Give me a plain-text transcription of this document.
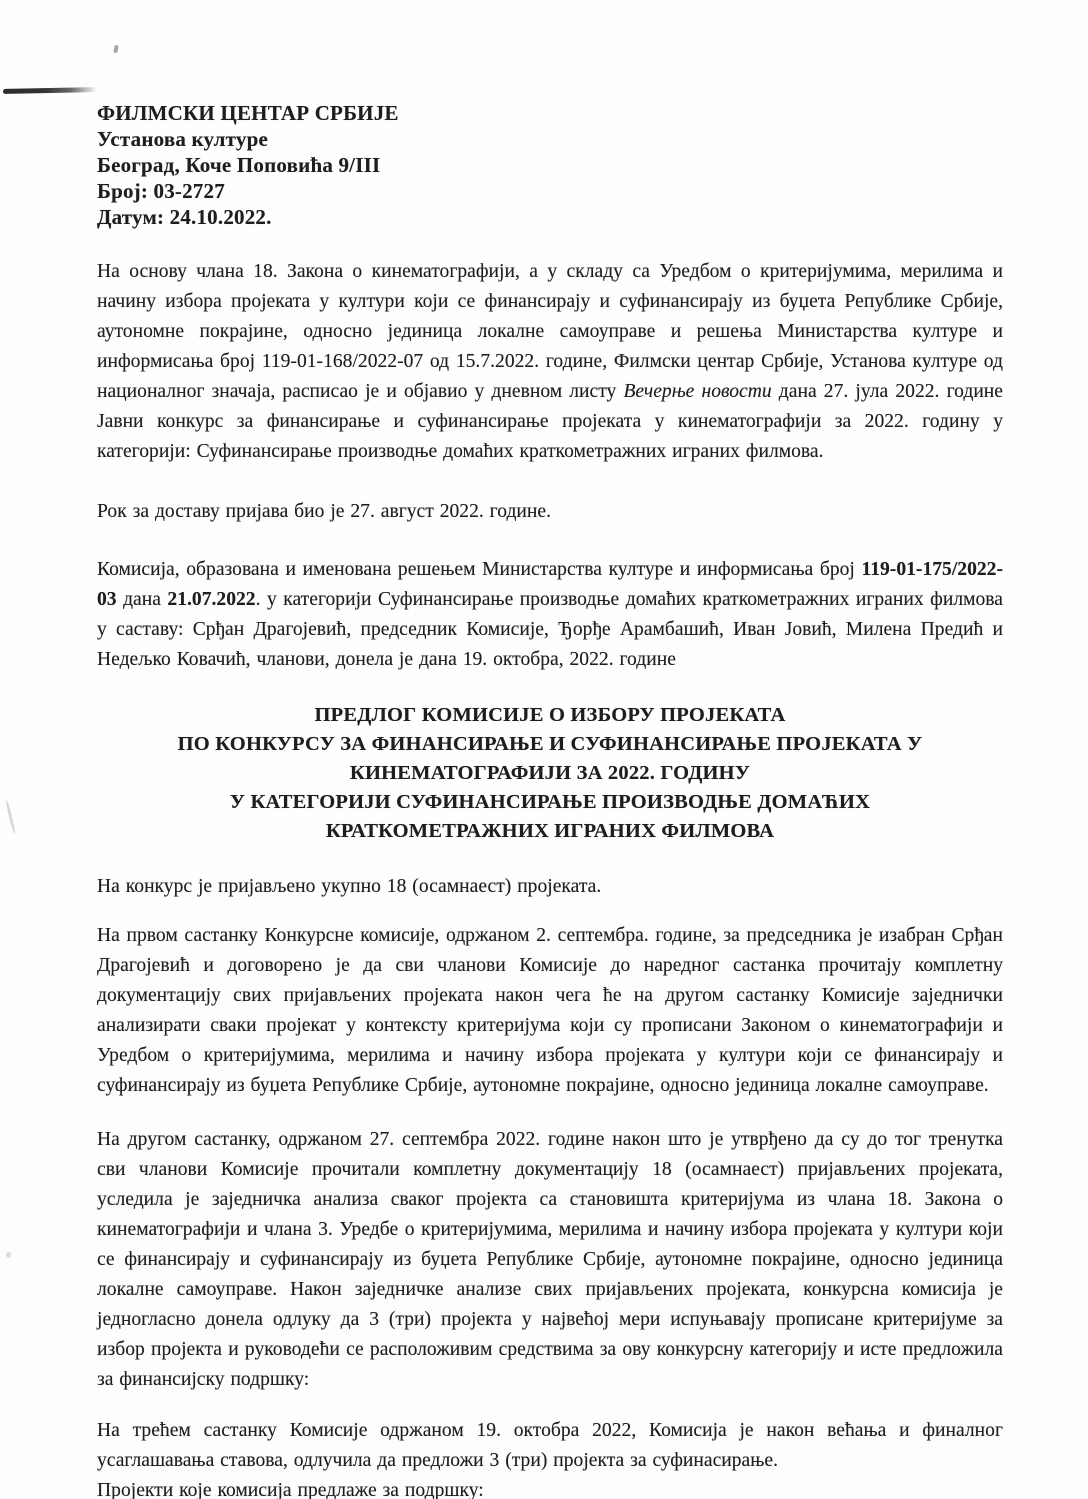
ФИЛМСКИ ЦЕНТАР СРБИЈЕ
Установа културе
Београд, Коче Поповића 9/III
Број: 03-2727
Датум: 24.10.2022.

На основу члана 18. Закона о кинематографији, а у складу са Уредбом о критеријумима, мерилима и начину избора пројеката у култури који се финансирају и суфинансирају из буџета Републике Србије, аутономне покрајине, односно јединица локалне самоуправе и решења Министарства културе и информисања број 119-01-168/2022-07 од 15.7.2022. године, Филмски центар Србије, Установа културе од националног значаја, расписао је и објавио у дневном листу Вечерње новости дана 27. јула 2022. године Јавни конкурс за финансирање и суфинансирање пројеката у кинематографији за 2022. годину у категорији: Суфинансирање производње домаћих краткометражних играних филмова.

Рок за доставу пријава био је 27. август 2022. године.

Комисија, образована и именована решењем Министарства културе и информисања број 119-01-175/2022-03 дана 21.07.2022. у категорији Суфинансирање производње домаћих краткометражних играних филмова у саставу: Срђан Драгојевић, председник Комисије, Ђорђе Арамбашић, Иван Јовић, Милена Предић и Недељко Ковачић, чланови, донела је дана 19. октобра, 2022. године

ПРЕДЛОГ КОМИСИЈЕ О ИЗБОРУ ПРОЈЕКАТА
ПО КОНКУРСУ ЗА ФИНАНСИРАЊЕ И СУФИНАНСИРАЊЕ ПРОЈЕКАТА У
КИНЕМАТОГРАФИЈИ ЗА 2022. ГОДИНУ
У КАТЕГОРИЈИ СУФИНАНСИРАЊЕ ПРОИЗВОДЊЕ ДОМАЋИХ
КРАТКОМЕТРАЖНИХ ИГРАНИХ ФИЛМОВА

На конкурс је пријављено укупно 18 (осамнаест) пројеката.

На првом састанку Конкурсне комисије, одржаном 2. септембра. године, за председника је изабран Срђан Драгојевић и договорено је да сви чланови Комисије до наредног састанка прочитају комплетну документацију свих пријављених пројеката након чега ће на другом састанку Комисије заједнички анализирати сваки пројекат у контексту критеријума који су прописани Законом о кинематографији и Уредбом о критеријумима, мерилима и начину избора пројеката у култури који се финансирају и суфинансирају из буџета Републике Србије, аутономне покрајине, односно јединица локалне самоуправе.

На другом састанку, одржаном 27. септембра 2022. године након што је утврђено да су до тог тренутка сви чланови Комисије прочитали комплетну документацију 18 (осамнаест) пријављених пројеката, уследила је заједничка анализа сваког пројекта са становишта критеријума из члана 18. Закона о кинематографији и члана 3. Уредбе о критеријумима, мерилима и начину избора пројеката у култури који се финансирају и суфинансирају из буџета Републике Србије, аутономне покрајине, односно јединица локалне самоуправе. Након заједничке анализе свих пријављених пројеката, конкурсна комисија је једногласно донела одлуку да 3 (три) пројекта у највећој мери испуњавају прописане критеријуме за избор пројекта и руководећи се расположивим средствима за ову конкурсну категорију и исте предложила за финансијску подршку:

На трећем састанку Комисије одржаном 19. октобра 2022, Комисија је након већања и финалног усаглашавања ставова, одлучила да предложи 3 (три) пројекта за суфинасирање.

Пројекти које комисија предлаже за подршку:
